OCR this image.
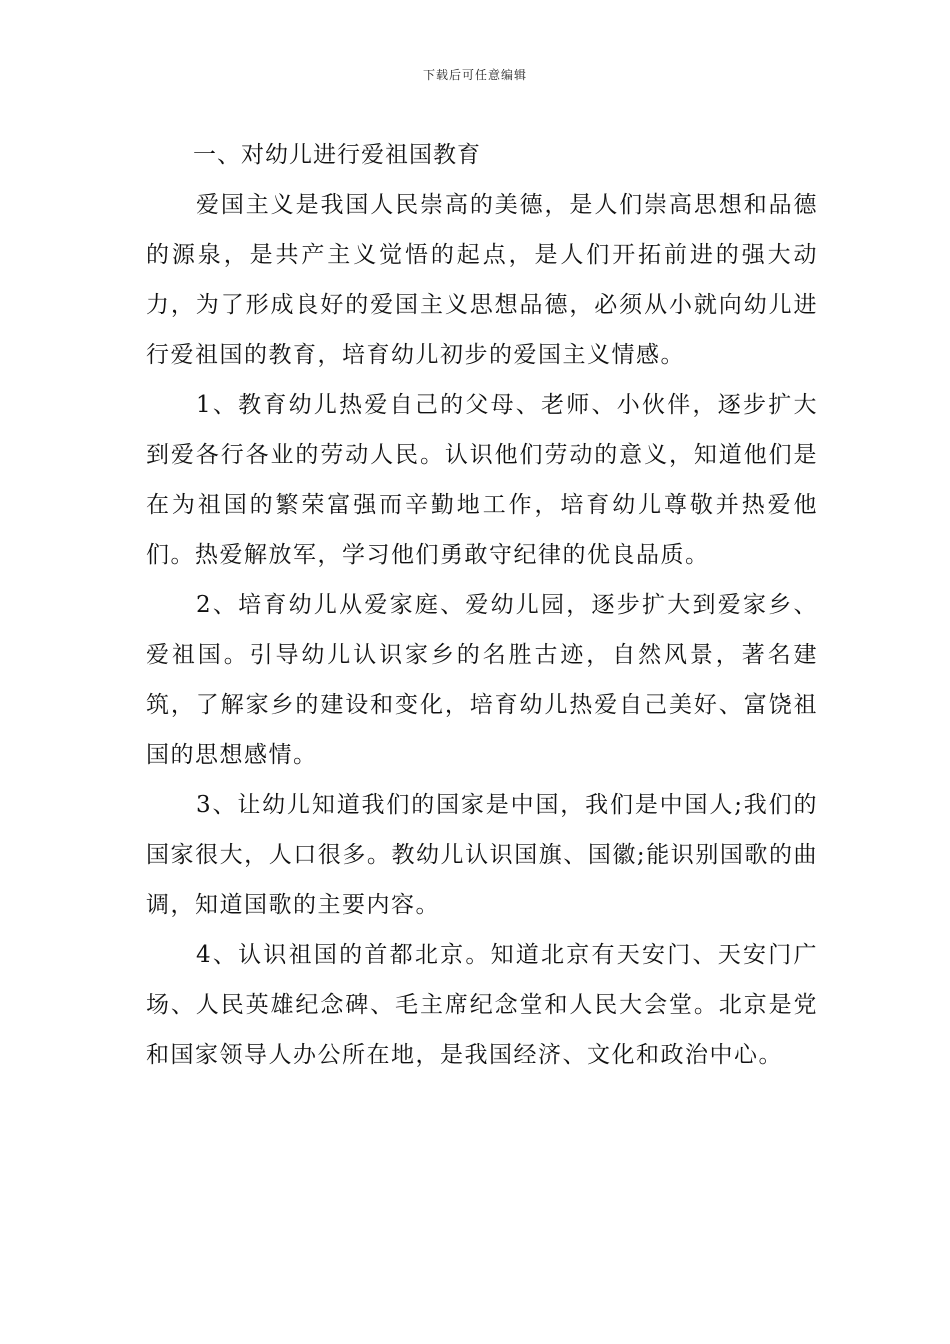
下载后可任意编辑
一、对幼儿进行爱祖国教育

爱国主义是我国人民崇高的美德，是人们崇高思想和品德的源泉，是共产主义觉悟的起点，是人们开拓前进的强大动力，为了形成良好的爱国主义思想品德，必须从小就向幼儿进行爱祖国的教育，培育幼儿初步的爱国主义情感。

1、教育幼儿热爱自己的父母、老师、小伙伴，逐步扩大到爱各行各业的劳动人民。认识他们劳动的意义，知道他们是在为祖国的繁荣富强而辛勤地工作，培育幼儿尊敬并热爱他们。热爱解放军，学习他们勇敢守纪律的优良品质。

2、培育幼儿从爱家庭、爱幼儿园，逐步扩大到爱家乡、爱祖国。引导幼儿认识家乡的名胜古迹，自然风景，著名建筑，了解家乡的建设和变化，培育幼儿热爱自己美好、富饶祖国的思想感情。

3、让幼儿知道我们的国家是中国，我们是中国人;我们的国家很大，人口很多。教幼儿认识国旗、国徽;能识别国歌的曲调，知道国歌的主要内容。

4、认识祖国的首都北京。知道北京有天安门、天安门广场、人民英雄纪念碑、毛主席纪念堂和人民大会堂。北京是党和国家领导人办公所在地，是我国经济、文化和政治中心。
